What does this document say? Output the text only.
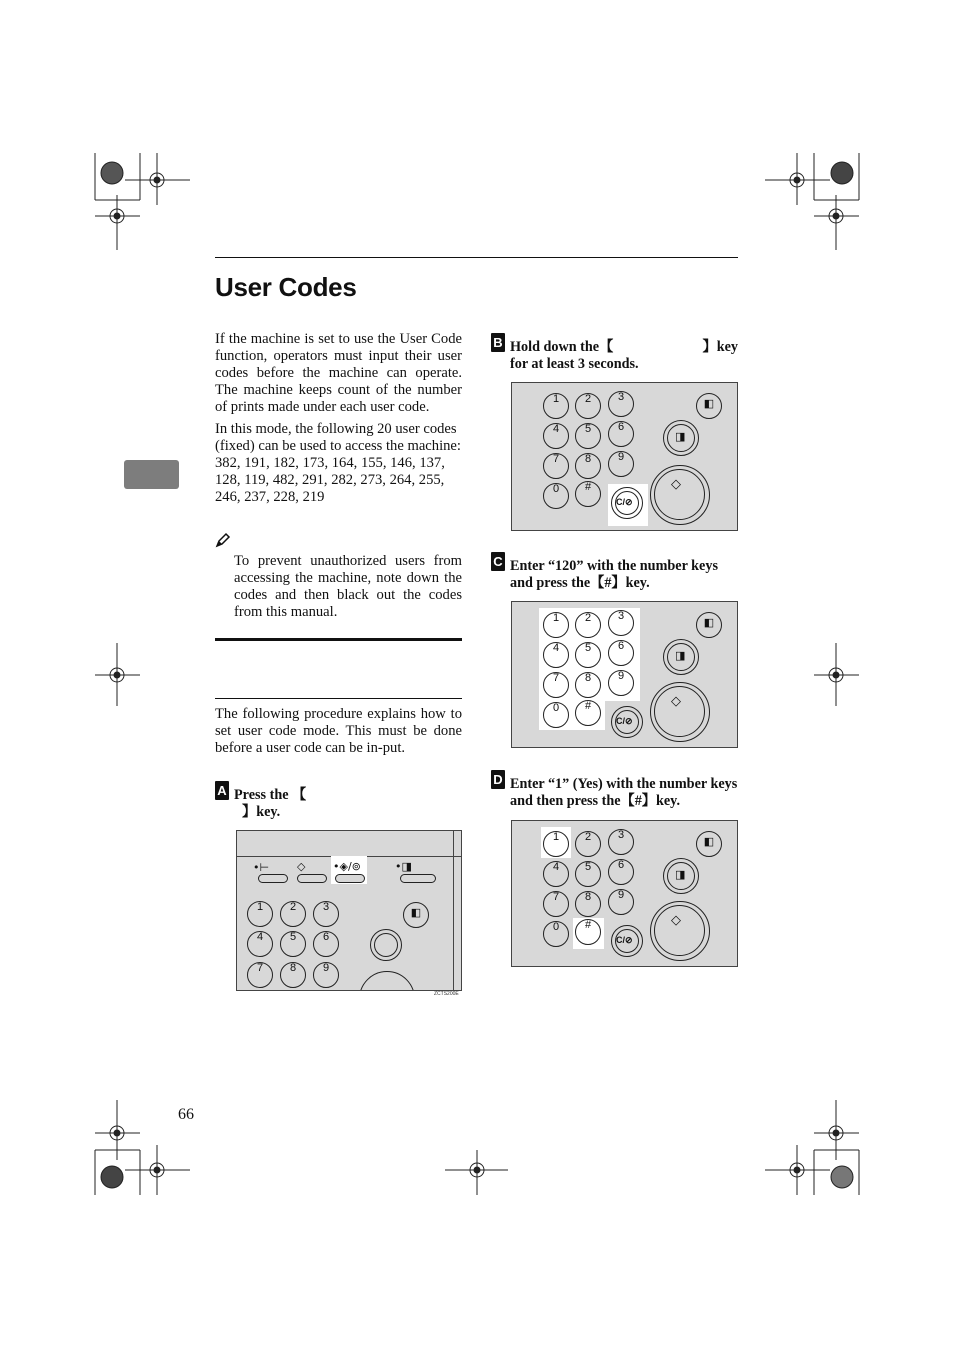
User Codes

If the machine is set to use the User Code function, operators must input their user codes before the machine can operate. The machine keeps count of the number of prints made under each user code.

In this mode, the following 20 user codes (fixed) can be used to access the machine: 382, 191, 182, 173, 164, 155, 146, 137, 128, 119, 482, 291, 282, 273, 264, 255, 246, 237, 228, 219

To prevent unauthorized users from accessing the machine, note down the codes and then black out the codes from this manual.
The following procedure explains how to set user code mode. This must be done before a user code can be in-put.
A Press the 【
】key.
•⊢	◇	•◈/⊚	•◨
1	2	3
4	5	6
7	8	9
◧
ZCTS200E
B Hold down the【	】key
for at least 3 seconds.
1	2	3
4	5	6
7	8	9
0	#
C/⊘
◧
◨
◇
C Enter “120” with the number keys and press the【#】key.
1	2	3
4	5	6
7	8	9
0	#
C/⊘
◧
◨
◇
D Enter “1” (Yes) with the number keys and then press the【#】key.
1	2	3
4	5	6
7	8	9
0	#
C/⊘
◧
◨
◇
66
